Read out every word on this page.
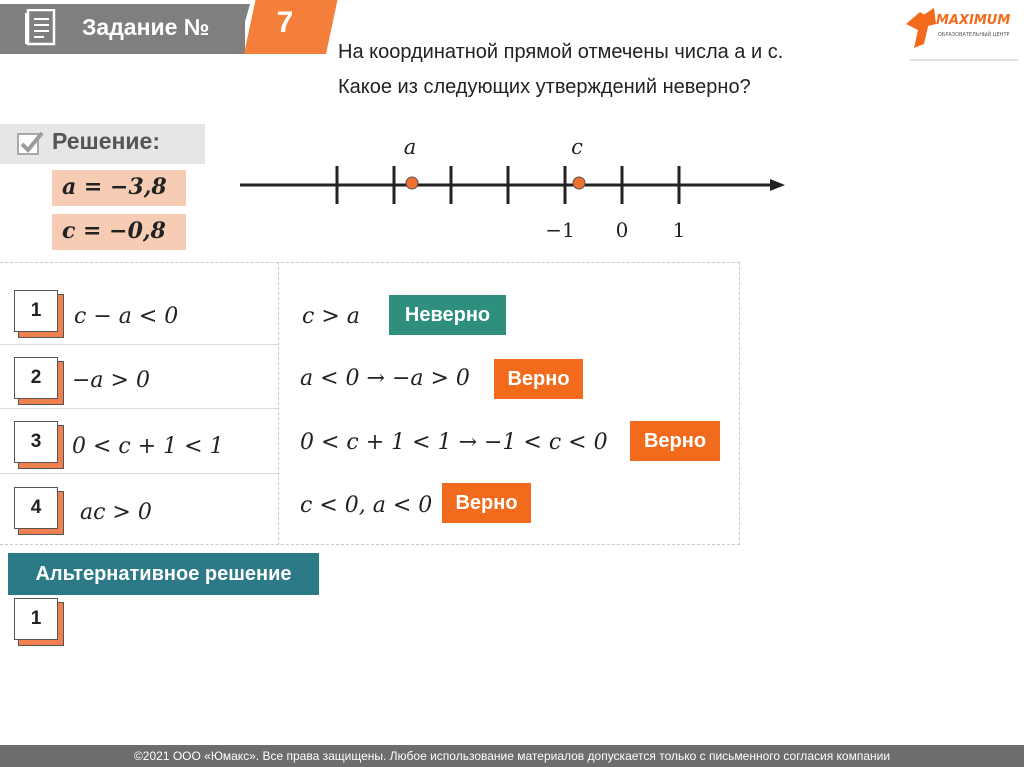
Задание №	7
На координатной прямой отмечены числа a и c.
Какое из следующих утверждений неверно?
MAXIMUM
ОБРАЗОВАТЕЛЬНЫЙ ЦЕНТР
Решение:
a = −3,8
c = −0,8
a	c
−1 0 1
1	c − a < 0	c > a	Неверно
2	−a > 0	a < 0 → −a > 0	Верно
3	0 < c + 1 < 1	0 < c + 1 < 1 → −1 < c < 0	Верно
4	ac > 0	c < 0, a < 0	Верно
Альтернативное решение
1
©2021 ООО «Юмакс». Все права защищены. Любое использование материалов допускается только с письменного согласия компании
